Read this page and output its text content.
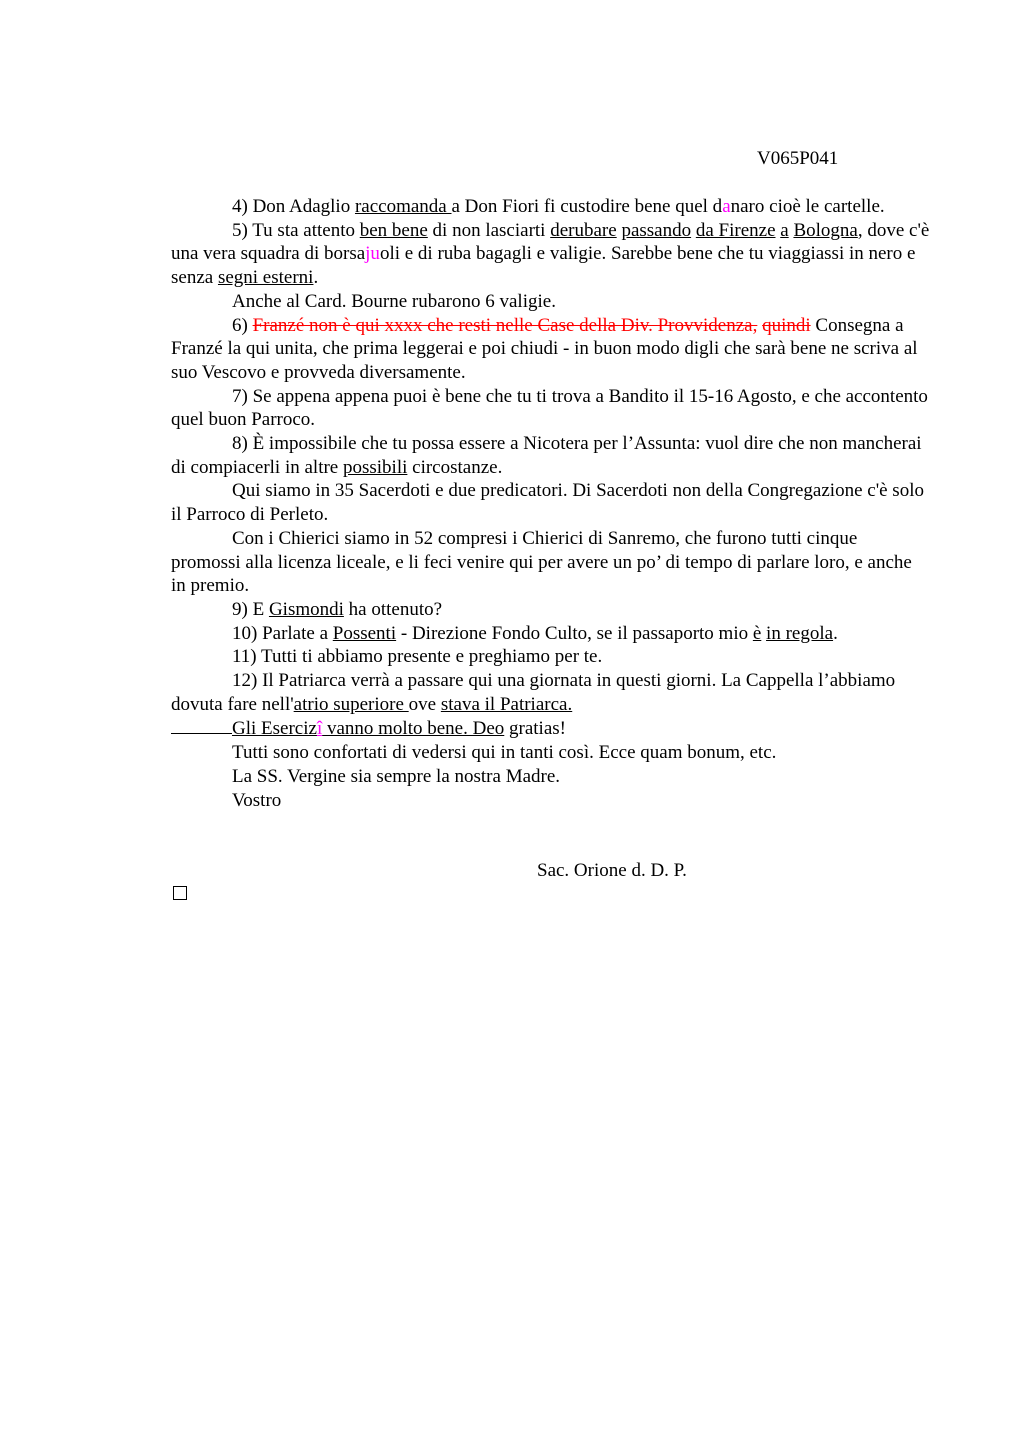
V065P041

4) Don Adaglio raccomanda a Don Fiori fi custodire bene quel danaro cioè le cartelle.

5) Tu sta attento ben bene di non lasciarti derubare passando da Firenze a Bologna, dove c'è una vera squadra di borsajuoli e di ruba bagagli e valigie. Sarebbe bene che tu viaggiassi in nero e senza segni esterni.

Anche al Card. Bourne rubarono 6 valigie.

6) Franzé non è qui xxxx che resti nelle Case della Div. Provvidenza, quindi Consegna a Franzé la qui unita, che prima leggerai e poi chiudi - in buon modo digli che sarà bene ne scriva al suo Vescovo e provveda diversamente.

7) Se appena appena puoi è bene che tu ti trova a Bandito il 15-16 Agosto, e che accontento quel buon Parroco.

8) È impossibile che tu possa essere a Nicotera per l’Assunta: vuol dire che non mancherai di compiacerli in altre possibili circostanze.

Qui siamo in 35 Sacerdoti e due predicatori. Di Sacerdoti non della Congregazione c'è solo il Parroco di Perleto.

Con i Chierici siamo in 52 compresi i Chierici di Sanremo, che furono tutti cinque promossi alla licenza liceale, e li feci venire qui per avere un po’ di tempo di parlare loro, e anche in premio.

9) E Gismondi ha ottenuto?

10) Parlate a Possenti - Direzione Fondo Culto, se il passaporto mio è in regola.

11) Tutti ti abbiamo presente e preghiamo per te.

12) Il Patriarca verrà a passare qui una giornata in questi giorni. La Cappella l’abbiamo dovuta fare nell'atrio superiore ove stava il Patriarca.

Gli Esercizî vanno molto bene. Deo gratias!

Tutti sono confortati di vedersi qui in tanti così. Ecce quam bonum, etc.

La SS. Vergine sia sempre la nostra Madre.

Vostro

Sac. Orione d. D. P.
